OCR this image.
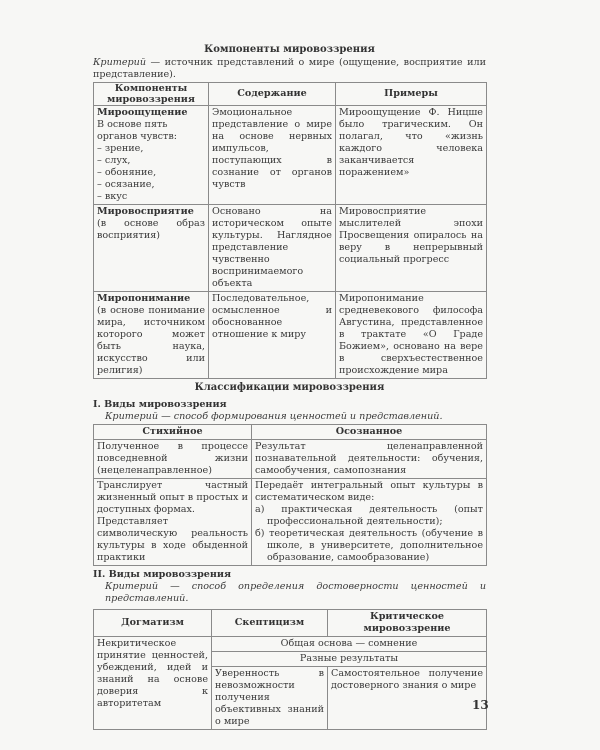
Компоненты мировоззрения

Критерий — источник представлений о мире (ощущение, восприятие или представление).

Компоненты мировоззрения	Содержание	Примеры
Мироощущение
В основе пять органов чувств:
– зрение,
– слух,
– обоняние,
– осязание,
– вкус
	Эмоциональное представление о мире на основе нервных импульсов, поступающих в сознание от органов чувств	Мироощущение Ф. Ницше было трагическим. Он полагал, что «жизнь каждого человека заканчивается поражением»
Мировосприятие
(в основе образ восприятия)	Основано на историческом опыте культуры. Наглядное представление чувственно воспринимаемого объекта	Мировосприятие мыслителей эпохи Просвещения опиралось на веру в непрерывный социальный прогресс
Миропонимание
(в основе понимание мира, источником которого может быть наука, искусство или религия)	Последовательное, осмысленное и обоснованное отношение к миру	Миропонимание средневекового философа Августина, представленное в трактате «О Граде Божием», основано на вере в сверхъестественное происхождение мира

Классификации мировоззрения

I. Виды мировоззрения

Критерий — способ формирования ценностей и представлений.

Стихийное	Осознанное
Полученное в процессе повседневной жизни (нецеленаправленное)	Результат целенаправленной познавательной деятельности: обучения, самообучения, самопознания

Транслирует частный жизненный опыт в простых и доступных формах.
Представляет символическую реальность культуры в ходе обыденной практики	Передаёт интегральный опыт культуры в систематическом виде:
а) практическая деятельность (опыт профессиональной деятельности);
б) теоретическая деятельность (обучение в школе, в университете, дополнительное образование, самообразование)

II. Виды мировоззрения

Критерий — способ определения достоверности ценностей и представлений.

Догматизм	Скептицизм	Критическое мировоззрение
Некритическое принятие ценностей, убеждений, идей и знаний на основе доверия к авторитетам	Общая основа — сомнение	
	Разные результаты	
	Уверенность в невозможности получения объективных знаний о мире	Самостоятельное получение достоверного знания о мире
13
